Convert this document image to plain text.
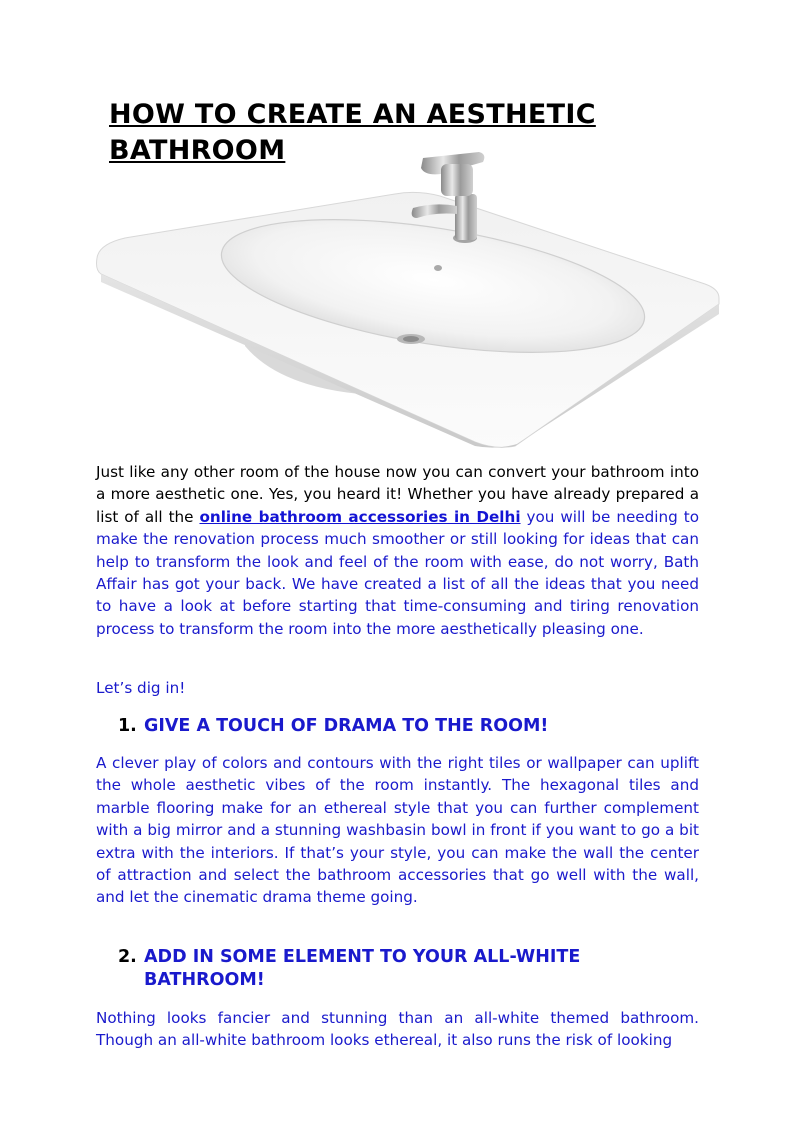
HOW TO CREATE AN AESTHETIC BATHROOM

Just like any other room of the house now you can convert your bathroom into a more aesthetic one. Yes, you heard it! Whether you have already prepared a list of all the online bathroom accessories in Delhi you will be needing to make the renovation process much smoother or still looking for ideas that can help to transform the look and feel of the room with ease, do not worry, Bath Affair has got your back. We have created a list of all the ideas that you need to have a look at before starting that time-consuming and tiring renovation process to transform the room into the more aesthetically pleasing one.

Let’s dig in!

1. GIVE A TOUCH OF DRAMA TO THE ROOM!

A clever play of colors and contours with the right tiles or wallpaper can uplift the whole aesthetic vibes of the room instantly. The hexagonal tiles and marble flooring make for an ethereal style that you can further complement with a big mirror and a stunning washbasin bowl in front if you want to go a bit extra with the interiors. If that’s your style, you can make the wall the center of attraction and select the bathroom accessories that go well with the wall, and let the cinematic drama theme going.

2. ADD IN SOME ELEMENT TO YOUR ALL-WHITE BATHROOM!

Nothing looks fancier and stunning than an all-white themed bathroom. Though an all-white bathroom looks ethereal, it also runs the risk of looking
